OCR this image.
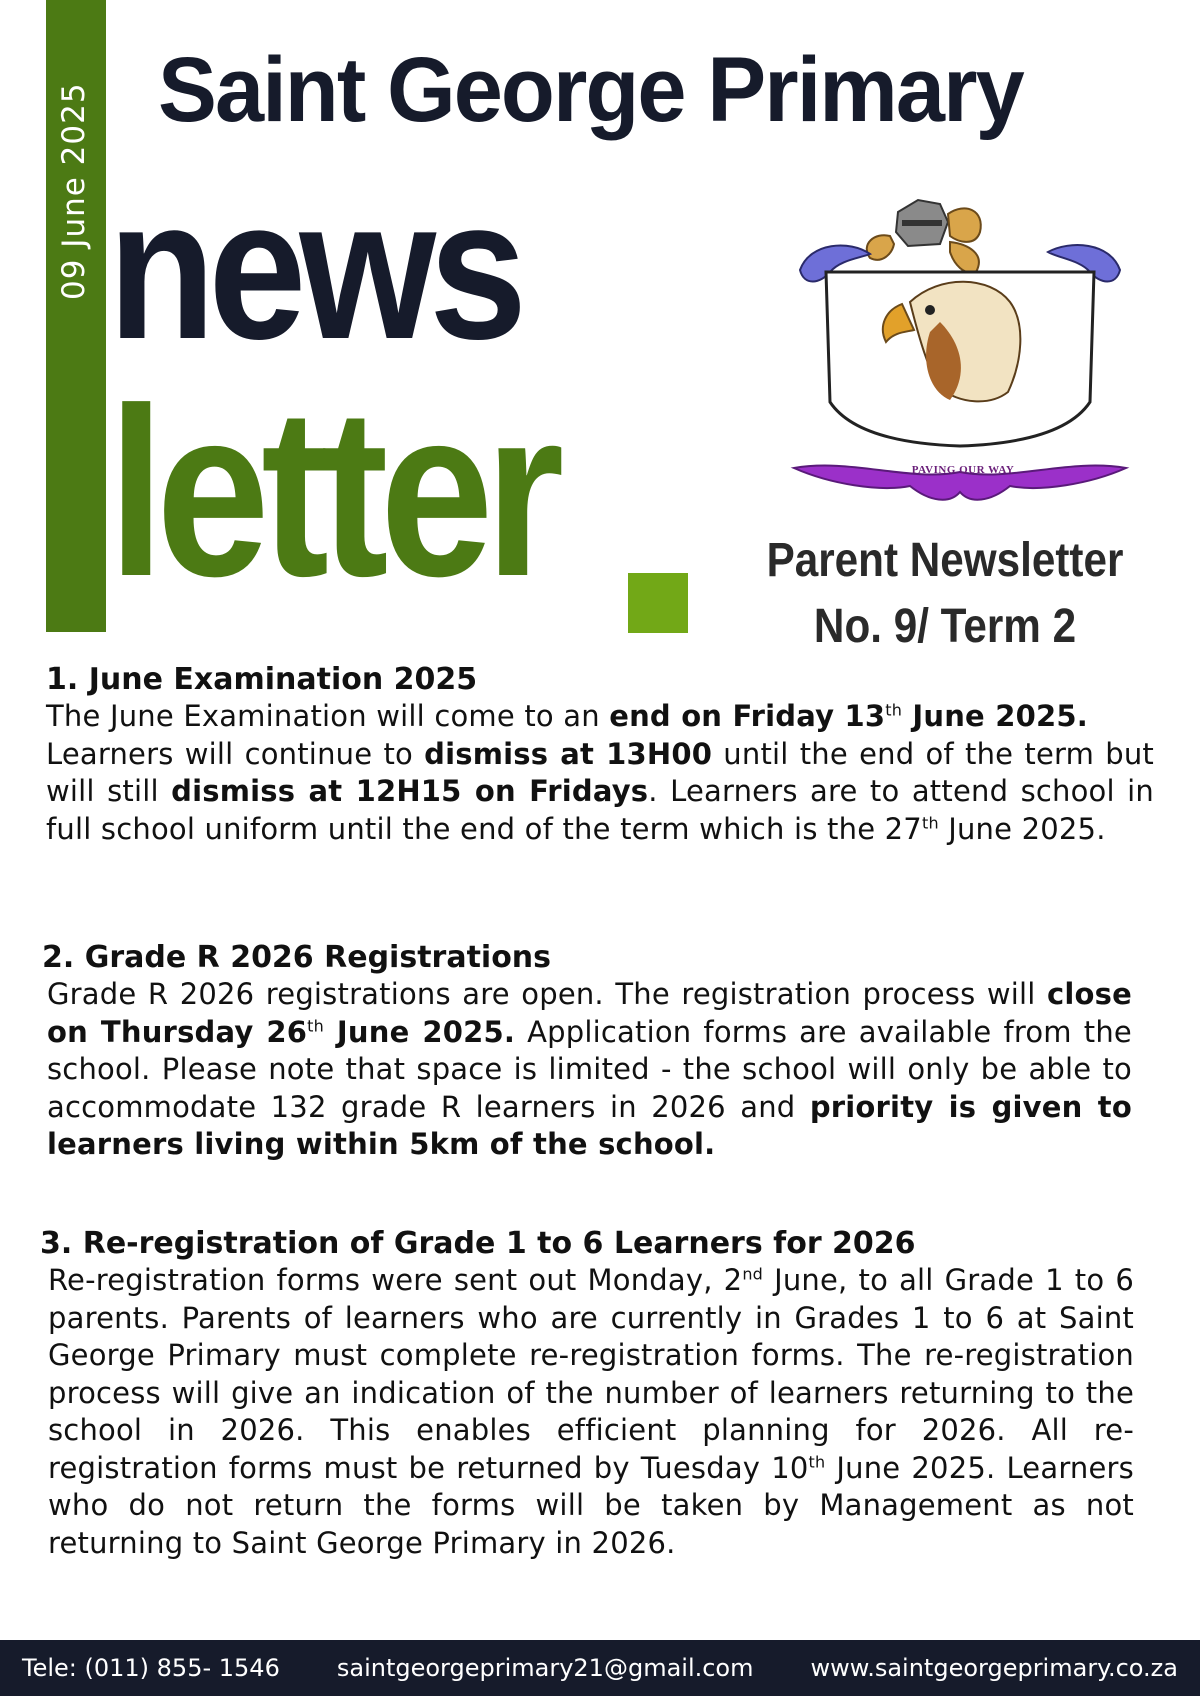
09 June 2025 Saint George Primary
news
letter	PAVING OUR WAY
Parent Newsletter
No. 9/ Term 2
1. June Examination 2025
The June Examination will come to an end on Friday 13th June 2025.
Learners will continue to dismiss at 13H00 until the end of the term but will still dismiss at 12H15 on Fridays. Learners are to attend school in full school uniform until the end of the term which is the 27th June 2025.
2. Grade R 2026 Registrations
Grade R 2026 registrations are open. The registration process will close on Thursday 26th June 2025. Application forms are available from the school. Please note that space is limited - the school will only be able to accommodate 132 grade R learners in 2026 and priority is given to learners living within 5km of the school.
3. Re-registration of Grade 1 to 6 Learners for 2026
Re-registration forms were sent out Monday, 2nd June, to all Grade 1 to 6 parents. Parents of learners who are currently in Grades 1 to 6 at Saint George Primary must complete re-registration forms. The re-registration process will give an indication of the number of learners returning to the school in 2026. This enables efficient planning for 2026. All re-registration forms must be returned by Tuesday 10th June 2025. Learners who do not return the forms will be taken by Management as not returning to Saint George Primary in 2026.
Tele: (011) 855- 1546 saintgeorgeprimary21@gmail.com www.saintgeorgeprimary.co.za
